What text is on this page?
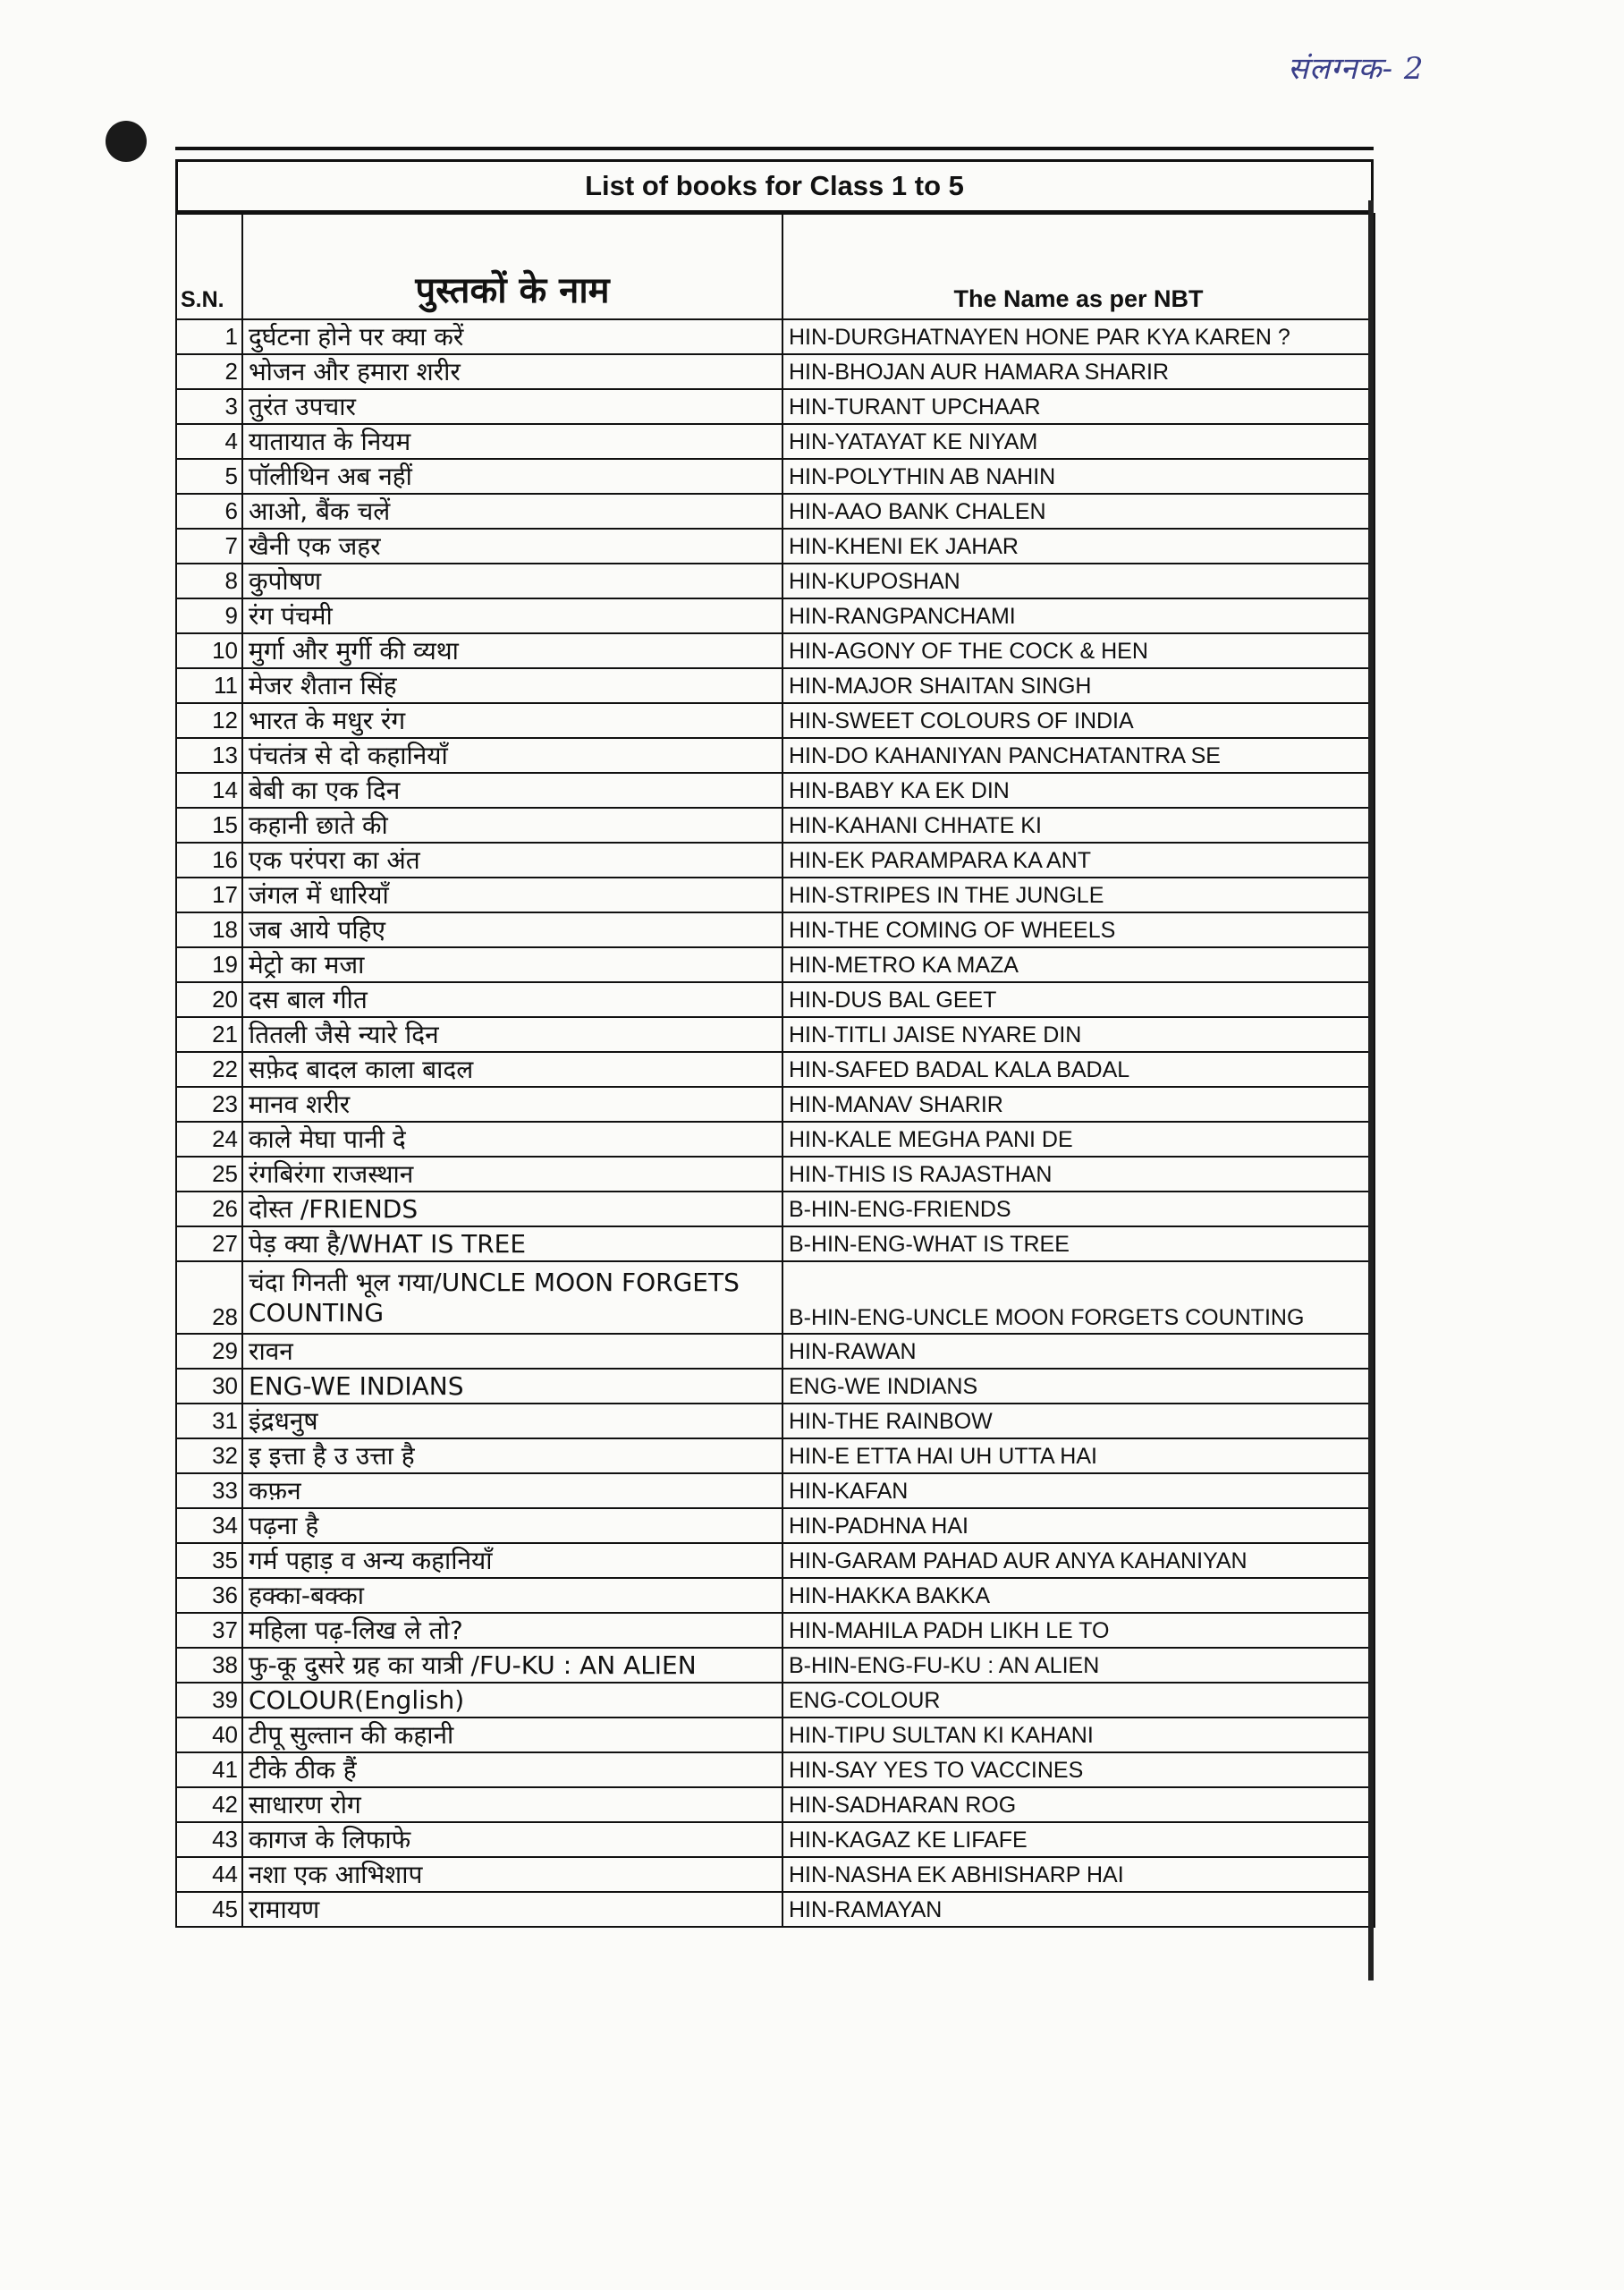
संलग्नक- 2
List of books for Class 1 to 5
S.N.	पुस्तकों के नाम	The Name as per NBT
1	दुर्घटना होने पर क्या करें	HIN-DURGHATNAYEN HONE PAR KYA KAREN ?
2	भोजन और हमारा शरीर	HIN-BHOJAN AUR HAMARA SHARIR
3	तुरंत उपचार	HIN-TURANT UPCHAAR
4	यातायात के नियम	HIN-YATAYAT KE NIYAM
5	पॉलीथिन अब नहीं	HIN-POLYTHIN AB NAHIN
6	आओ, बैंक चलें	HIN-AAO BANK CHALEN
7	खैनी एक जहर	HIN-KHENI EK JAHAR
8	कुपोषण	HIN-KUPOSHAN
9	रंग पंचमी	HIN-RANGPANCHAMI
10	मुर्गा और मुर्गी की व्यथा	HIN-AGONY OF THE COCK & HEN
11	मेजर शैतान सिंह	HIN-MAJOR SHAITAN SINGH
12	भारत के मधुर रंग	HIN-SWEET COLOURS OF INDIA
13	पंचतंत्र से दो कहानियाँ	HIN-DO KAHANIYAN PANCHATANTRA SE
14	बेबी का एक दिन	HIN-BABY KA EK DIN
15	कहानी छाते की	HIN-KAHANI CHHATE KI
16	एक परंपरा का अंत	HIN-EK PARAMPARA KA ANT
17	जंगल में धारियाँ	HIN-STRIPES IN THE JUNGLE
18	जब आये पहिए	HIN-THE COMING OF WHEELS
19	मेट्रो का मजा	HIN-METRO KA MAZA
20	दस बाल गीत	HIN-DUS BAL GEET
21	तितली जैसे न्यारे दिन	HIN-TITLI JAISE NYARE DIN
22	सफ़ेद बादल काला बादल	HIN-SAFED BADAL KALA BADAL
23	मानव शरीर	HIN-MANAV SHARIR
24	काले मेघा पानी दे	HIN-KALE MEGHA PANI DE
25	रंगबिरंगा राजस्थान	HIN-THIS IS RAJASTHAN
26	दोस्त /FRIENDS	B-HIN-ENG-FRIENDS
27	पेड़ क्या है/WHAT IS TREE	B-HIN-ENG-WHAT IS TREE
28	चंदा गिनती भूल गया/UNCLE MOON FORGETS COUNTING	B-HIN-ENG-UNCLE MOON FORGETS COUNTING
29	रावन	HIN-RAWAN
30	ENG-WE INDIANS	ENG-WE INDIANS
31	इंद्रधनुष	HIN-THE RAINBOW
32	इ इत्ता है उ उत्ता है	HIN-E ETTA HAI UH UTTA HAI
33	कफ़न	HIN-KAFAN
34	पढ़ना है	HIN-PADHNA HAI
35	गर्म पहाड़ व अन्य कहानियाँ	HIN-GARAM PAHAD AUR ANYA KAHANIYAN
36	हक्का-बक्का	HIN-HAKKA BAKKA
37	महिला पढ़-लिख ले तो?	HIN-MAHILA PADH LIKH LE TO
38	फु-कू दुसरे ग्रह का यात्री /FU-KU : AN ALIEN	B-HIN-ENG-FU-KU : AN ALIEN
39	COLOUR(English)	ENG-COLOUR
40	टीपू सुल्तान की कहानी	HIN-TIPU SULTAN KI KAHANI
41	टीके ठीक हैं	HIN-SAY YES TO VACCINES
42	साधारण रोग	HIN-SADHARAN ROG
43	कागज के लिफाफे	HIN-KAGAZ KE LIFAFE
44	नशा एक आभिशाप	HIN-NASHA EK ABHISHARP HAI
45	रामायण	HIN-RAMAYAN
